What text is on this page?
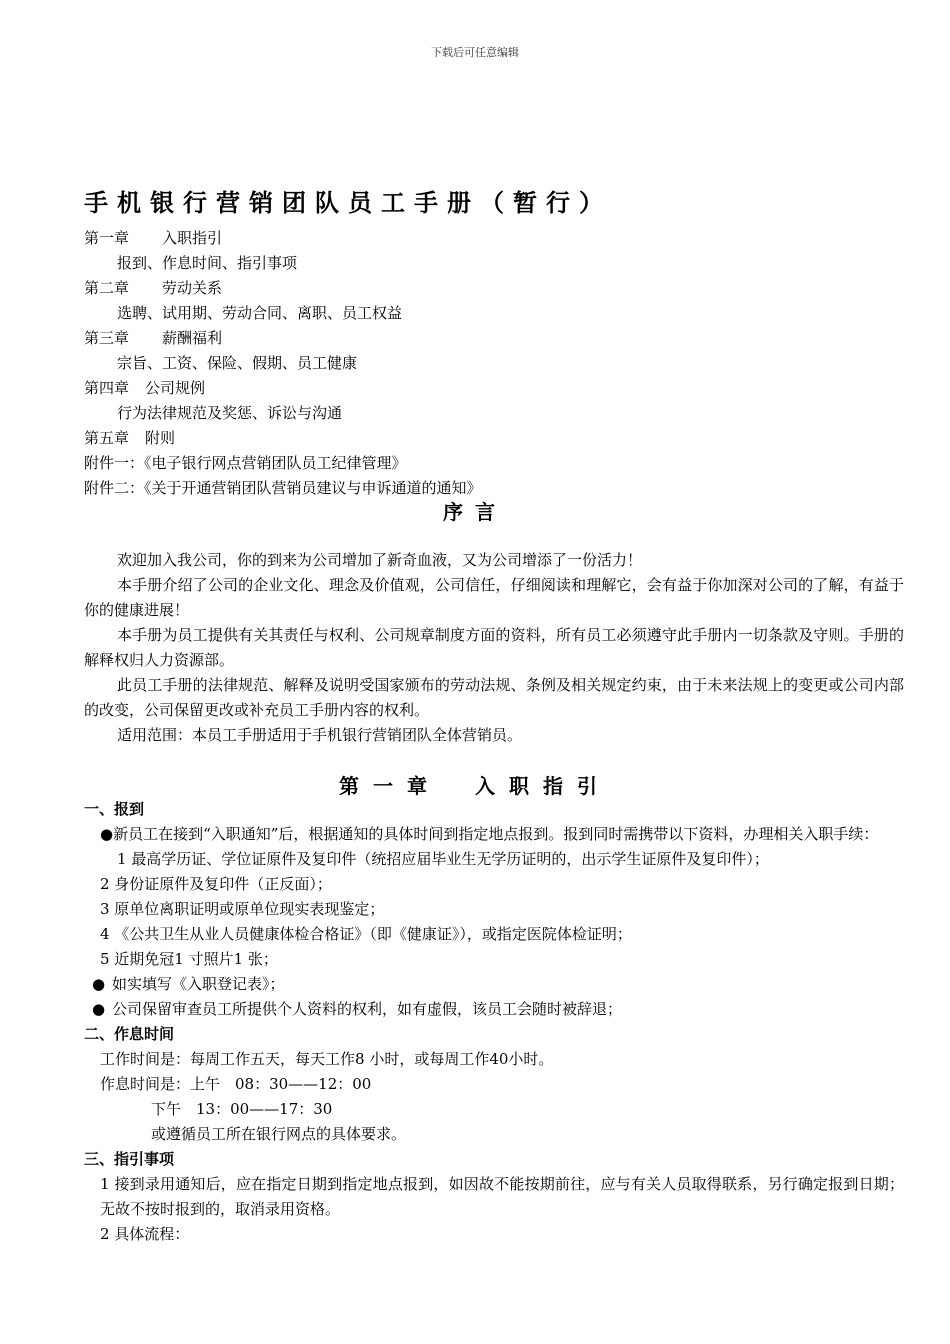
下载后可任意编辑
手机银行营销团队员工手册（暂行）
第一章 入职指引
报到、作息时间、指引事项
第二章 劳动关系
选聘、试用期、劳动合同、离职、员工权益
第三章 薪酬福利
宗旨、工资、保险、假期、员工健康
第四章 公司规例
行为法律规范及奖惩、诉讼与沟通
第五章 附则
附件一：《电子银行网点营销团队员工纪律管理》
附件二：《关于开通营销团队营销员建议与申诉通道的通知》
序言

欢迎加入我公司，你的到来为公司增加了新奇血液，又为公司增添了一份活力！

本手册介绍了公司的企业文化、理念及价值观，公司信任，仔细阅读和理解它，会有益于你加深对公司的了解，有益于你的健康进展！

本手册为员工提供有关其责任与权利、公司规章制度方面的资料，所有员工必须遵守此手册内一切条款及守则。手册的解释权归人力资源部。

此员工手册的法律规范、解释及说明受国家颁布的劳动法规、条例及相关规定约束，由于未来法规上的变更或公司内部的改变，公司保留更改或补充员工手册内容的权利。

适用范围：本员工手册适用于手机银行营销团队全体营销员。

第一章　入职指引
一、报到
●新员工在接到“入职通知”后，根据通知的具体时间到指定地点报到。报到同时需携带以下资料，办理相关入职手续：
1 最高学历证、学位证原件及复印件（统招应届毕业生无学历证明的，出示学生证原件及复印件）；
2 身份证原件及复印件（正反面）；
3 原单位离职证明或原单位现实表现鉴定；
4 《公共卫生从业人员健康体检合格证》（即《健康证》），或指定医院体检证明；
5 近期免冠1 寸照片1 张；
● 如实填写《入职登记表》；
● 公司保留审查员工所提供个人资料的权利，如有虚假，该员工会随时被辞退；
二、作息时间
工作时间是：每周工作五天，每天工作8 小时，或每周工作40小时。
作息时间是：上午　08：30——12：00
下午　13：00——17：30
或遵循员工所在银行网点的具体要求。
三、指引事项
1 接到录用通知后，应在指定日期到指定地点报到，如因故不能按期前往，应与有关人员取得联系，另行确定报到日期；无故不按时报到的，取消录用资格。
2 具体流程：
